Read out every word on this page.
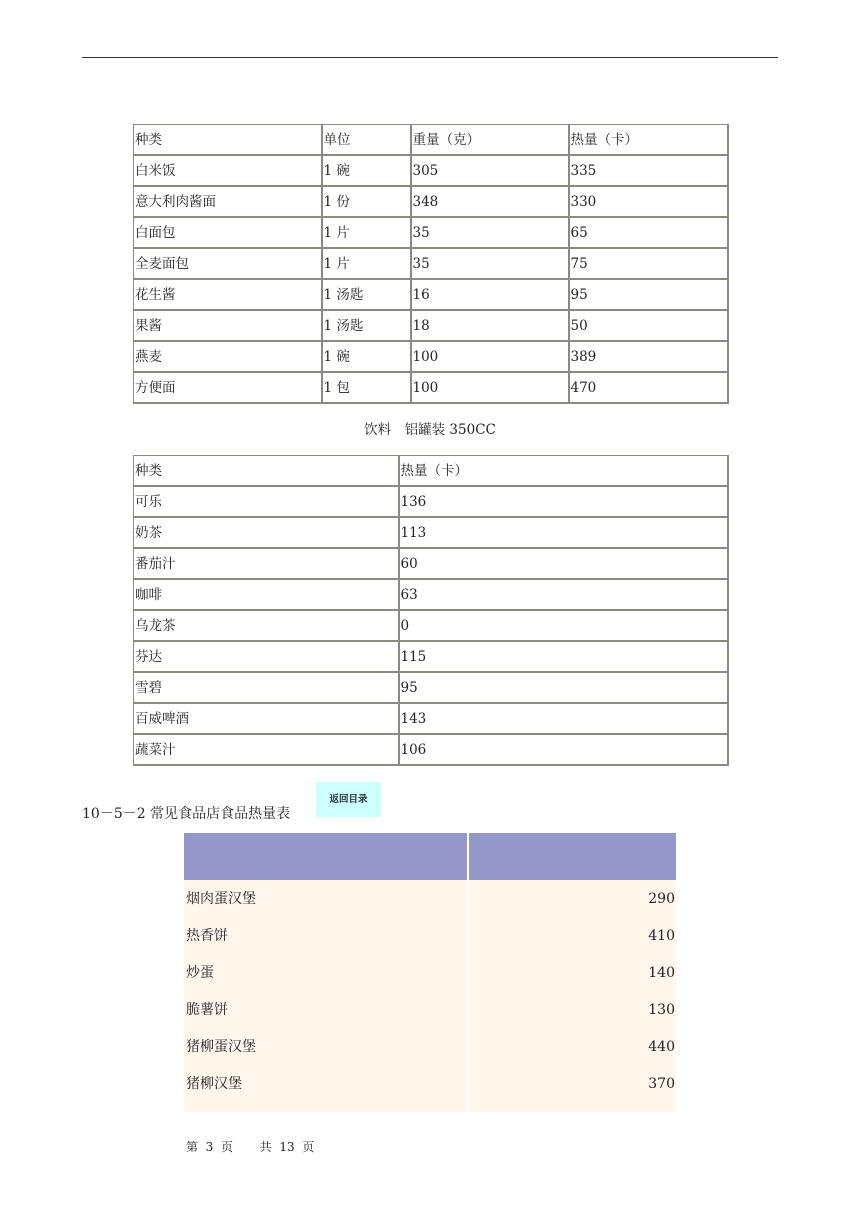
种类	单位	重量（克）	热量（卡）
白米饭	1 碗	305	335
意大利肉酱面	1 份	348	330
白面包	1 片	35	65
全麦面包	1 片	35	75
花生酱	1 汤匙	16	95
果酱	1 汤匙	18	50
燕麦	1 碗	100	389
方便面	1 包	100	470
饮料　铝罐装 350CC
种类	热量（卡）
可乐	136
奶茶	113
番茄汁	60
咖啡	63
乌龙茶	0
芬达	115
雪碧	95
百威啤酒	143
蔬菜汁	106
10－5－2 常见食品店食品热量表
返回目录
烟肉蛋汉堡	290
热香饼	410
炒蛋	140
脆薯饼	130
猪柳蛋汉堡	440
猪柳汉堡	370
第 3 页 共 13 页
